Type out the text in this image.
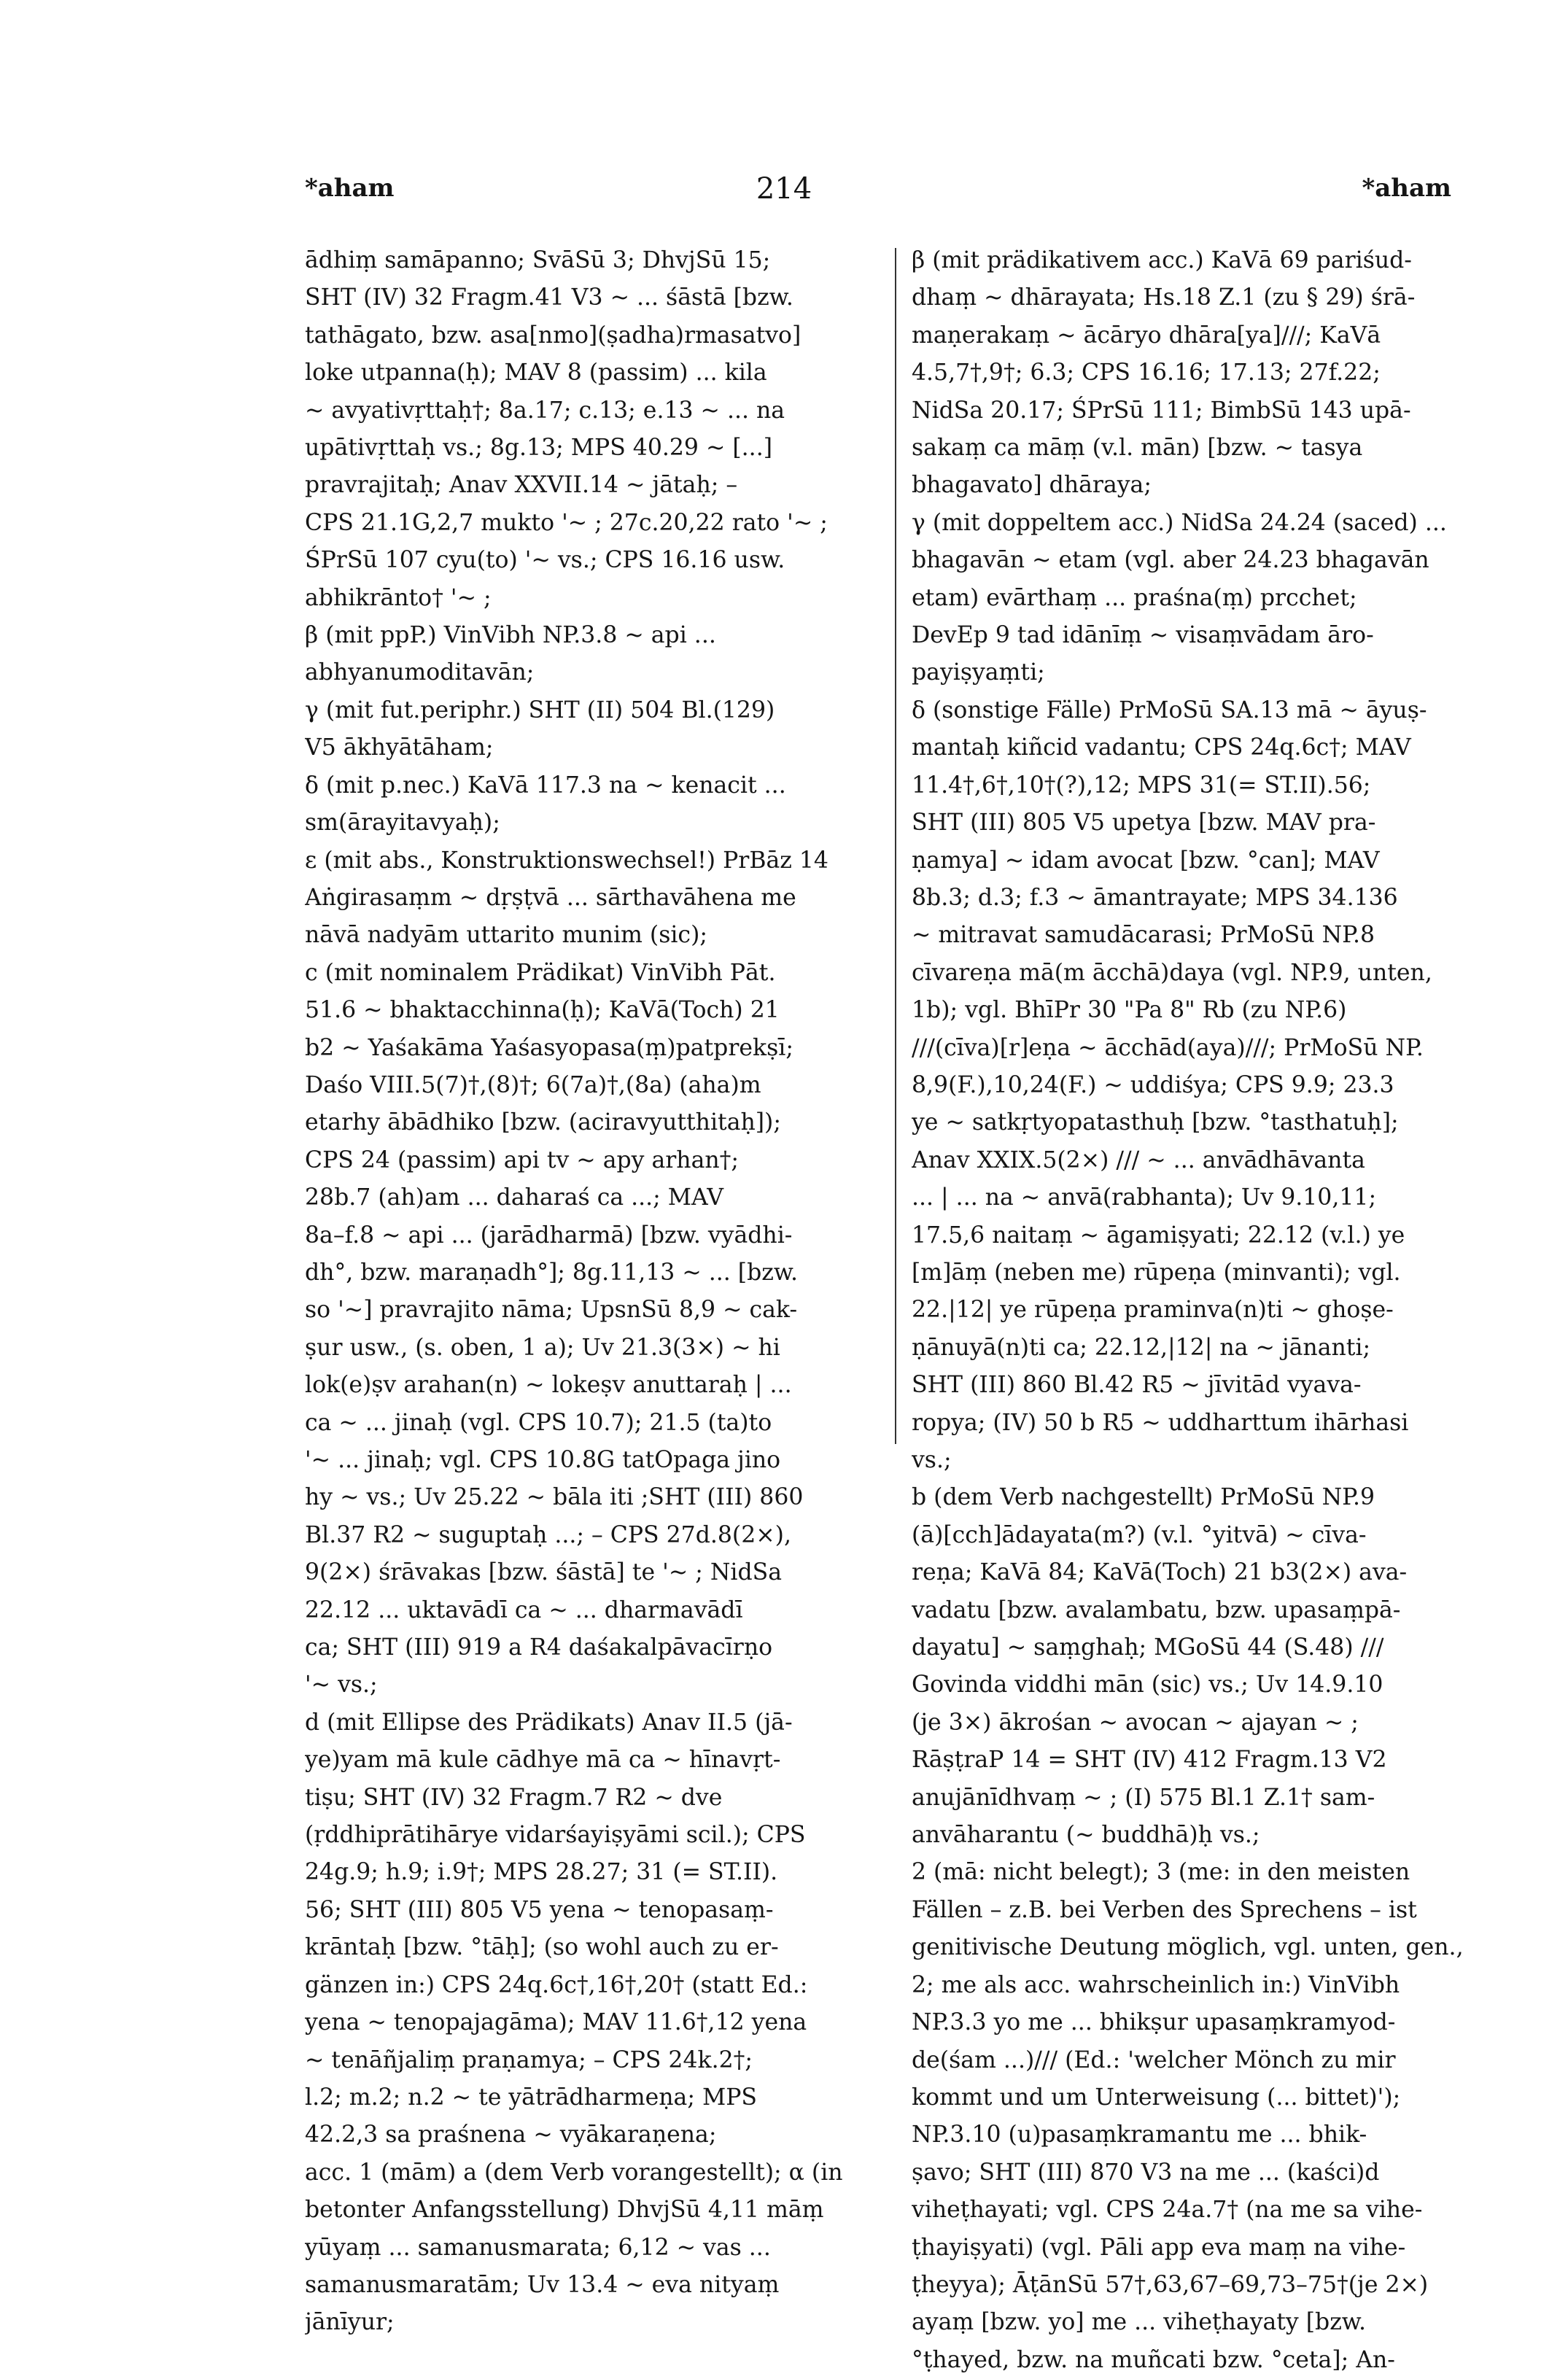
*aham	214	*aham
ādhiṃ samāpanno; SvāSū 3; DhvjSū 15;
SHT (IV) 32 Fragm.41 V3 ~ ... śāstā [bzw.
tathāgato, bzw. asa[nmo](ṣadha)rmasatvo]
loke utpanna(ḥ); MAV 8 (passim) ... kila
~ avyativṛttaḥ†; 8a.17; c.13; e.13 ~ ... na
upātivṛttaḥ vs.; 8g.13; MPS 40.29 ~ [...]
pravrajitaḥ; Anav XXVII.14 ~ jātaḥ; –
CPS 21.1G,2,7 mukto '~ ; 27c.20,22 rato '~ ;
ŚPrSū 107 cyu(to) '~ vs.; CPS 16.16 usw.
abhikrānto† '~ ;
β (mit ppP.) VinVibh NP.3.8 ~ api ...
abhyanumoditavān;
γ (mit fut.periphr.) SHT (II) 504 Bl.(129)
V5 ākhyātāham;
δ (mit p.nec.) KaVā 117.3 na ~ kenacit ...
sm(ārayitavyaḥ);
ε (mit abs., Konstruktionswechsel!) PrBāz 14
Aṅgirasaṃm ~ dṛṣṭvā ... sārthavāhena me
nāvā nadyām uttarito munim (sic);
c (mit nominalem Prädikat) VinVibh Pāt.
51.6 ~ bhaktacchinna(ḥ); KaVā(Toch) 21
b2 ~ Yaśakāma Yaśasyopasa(ṃ)patprekṣī;
Daśo VIII.5(7)†,(8)†; 6(7a)†,(8a) (aha)m
etarhy ābādhiko [bzw. (aciravyutthitaḥ]);
CPS 24 (passim) api tv ~ apy arhan†;
28b.7 (ah)am ... daharaś ca ...; MAV
8a–f.8 ~ api ... (jarādharmā) [bzw. vyādhi-
dh°, bzw. maraṇadh°]; 8g.11,13 ~ ... [bzw.
so '~] pravrajito nāma; UpsnSū 8,9 ~ cak-
ṣur usw., (s. oben, 1 a); Uv 21.3(3×) ~ hi
lok(e)ṣv arahan(n) ~ lokeṣv anuttaraḥ | ...
ca ~ ... jinaḥ (vgl. CPS 10.7); 21.5 (ta)to
'~ ... jinaḥ; vgl. CPS 10.8G tatOpaga jino
hy ~ vs.; Uv 25.22 ~ bāla iti ;SHT (III) 860
Bl.37 R2 ~ suguptaḥ ...; – CPS 27d.8(2×),
9(2×) śrāvakas [bzw. śāstā] te '~ ; NidSa
22.12 ... uktavādī ca ~ ... dharmavādī
ca; SHT (III) 919 a R4 daśakalpāvacīrṇo
'~ vs.;
d (mit Ellipse des Prädikats) Anav II.5 (jā-
ye)yam mā kule cādhye mā ca ~ hīnavṛt-
tiṣu; SHT (IV) 32 Fragm.7 R2 ~ dve
(ṛddhiprātihārye vidarśayiṣyāmi scil.); CPS
24g.9; h.9; i.9†; MPS 28.27; 31 (= ST.II).
56; SHT (III) 805 V5 yena ~ tenopasaṃ-
krāntaḥ [bzw. °tāḥ]; (so wohl auch zu er-
gänzen in:) CPS 24q.6c†,16†,20† (statt Ed.:
yena ~ tenopajagāma); MAV 11.6†,12 yena
~ tenāñjaliṃ praṇamya; – CPS 24k.2†;
l.2; m.2; n.2 ~ te yātrādharmeṇa; MPS
42.2,3 sa praśnena ~ vyākaraṇena;
acc. 1 (mām) a (dem Verb vorangestellt); α (in
betonter Anfangsstellung) DhvjSū 4,11 māṃ
yūyaṃ ... samanusmarata; 6,12 ~ vas ...
samanusmaratām; Uv 13.4 ~ eva nityaṃ
jānīyur;
β (mit prädikativem acc.) KaVā 69 pariśud-
dhaṃ ~ dhārayata; Hs.18 Z.1 (zu § 29) śrā-
maṇerakaṃ ~ ācāryo dhāra[ya]///; KaVā
4.5,7†,9†; 6.3; CPS 16.16; 17.13; 27f.22;
NidSa 20.17; ŚPrSū 111; BimbSū 143 upā-
sakaṃ ca māṃ (v.l. mān) [bzw. ~ tasya
bhagavato] dhāraya;
γ (mit doppeltem acc.) NidSa 24.24 (saced) ...
bhagavān ~ etam (vgl. aber 24.23 bhagavān
etam) evārthaṃ ... praśna(ṃ) prcchet;
DevEp 9 tad idānīṃ ~ visaṃvādam āro-
payiṣyaṃti;
δ (sonstige Fälle) PrMoSū SA.13 mā ~ āyuṣ-
mantaḥ kiñcid vadantu; CPS 24q.6c†; MAV
11.4†,6†,10†(?),12; MPS 31(= ST.II).56;
SHT (III) 805 V5 upetya [bzw. MAV pra-
ṇamya] ~ idam avocat [bzw. °can]; MAV
8b.3; d.3; f.3 ~ āmantrayate; MPS 34.136
~ mitravat samudācarasi; PrMoSū NP.8
cīvareṇa mā(m ācchā)daya (vgl. NP.9, unten,
1b); vgl. BhīPr 30 "Pa 8" Rb (zu NP.6)
///(cīva)[r]eṇa ~ ācchād(aya)///; PrMoSū NP.
8,9(F.),10,24(F.) ~ uddiśya; CPS 9.9; 23.3
ye ~ satkṛtyopatasthuḥ [bzw. °tasthatuḥ];
Anav XXIX.5(2×) /// ~ ... anvādhāvanta
... | ... na ~ anvā(rabhanta); Uv 9.10,11;
17.5,6 naitaṃ ~ āgamiṣyati; 22.12 (v.l.) ye
[m]āṃ (neben me) rūpeṇa (minvanti); vgl.
22.|12| ye rūpeṇa praminva(n)ti ~ ghoṣe-
ṇānuyā(n)ti ca; 22.12,|12| na ~ jānanti;
SHT (III) 860 Bl.42 R5 ~ jīvitād vyava-
ropya; (IV) 50 b R5 ~ uddharttum ihārhasi
vs.;
b (dem Verb nachgestellt) PrMoSū NP.9
(ā)[cch]ādayata(m?) (v.l. °yitvā) ~ cīva-
reṇa; KaVā 84; KaVā(Toch) 21 b3(2×) ava-
vadatu [bzw. avalambatu, bzw. upasaṃpā-
dayatu] ~ saṃghaḥ; MGoSū 44 (S.48) ///
Govinda viddhi mān (sic) vs.; Uv 14.9.10
(je 3×) ākrośan ~ avocan ~ ajayan ~ ;
RāṣṭraP 14 = SHT (IV) 412 Fragm.13 V2
anujānīdhvaṃ ~ ; (I) 575 Bl.1 Z.1† sam-
anvāharantu (~ buddhā)ḥ vs.;
2 (mā: nicht belegt); 3 (me: in den meisten
Fällen – z.B. bei Verben des Sprechens – ist
genitivische Deutung möglich, vgl. unten, gen.,
2; me als acc. wahrscheinlich in:) VinVibh
NP.3.3 yo me ... bhikṣur upasaṃkramyod-
de(śam ...)/// (Ed.: 'welcher Mönch zu mir
kommt und um Unterweisung (... bittet)');
NP.3.10 (u)pasaṃkramantu me ... bhik-
ṣavo; SHT (III) 870 V3 na me ... (kaści)d
viheṭhayati; vgl. CPS 24a.7† (na me sa vihe-
ṭhayiṣyati) (vgl. Pāli app eva maṃ na vihe-
ṭheyya); ĀṭānSū 57†,63,67–69,73–75†(je 2×)
ayaṃ [bzw. yo] me ... viheṭhayaty [bzw.
°ṭhayed, bzw. na muñcati bzw. °ceta]; An-
